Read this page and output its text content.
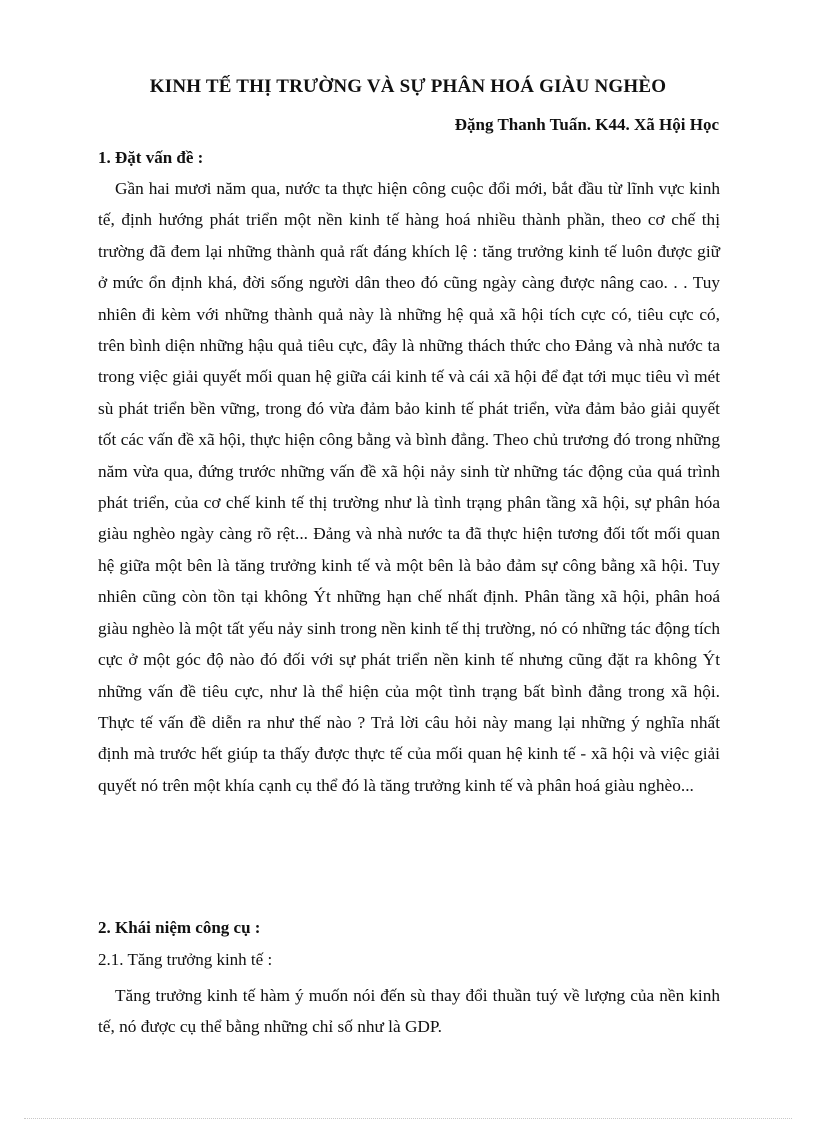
KINH TẾ THỊ TRƯỜNG VÀ SỰ PHÂN HOÁ GIÀU NGHÈO

Đặng Thanh Tuấn. K44. Xã Hội Học

1. Đặt vấn đề :

Gần hai mươi năm qua, nước ta thực hiện công cuộc đổi mới, bắt đầu từ lĩnh vực kinh tế, định hướng phát triển một nền kinh tế hàng hoá nhiều thành phần, theo cơ chế thị trường đã đem lại những thành quả rất đáng khích lệ : tăng trưởng kinh tế luôn được giữ ở mức ổn định khá, đời sống người dân theo đó cũng ngày càng được nâng cao. . . Tuy nhiên đi kèm với những thành quả này là những hệ quả xã hội tích cực có, tiêu cực có, trên bình diện những hậu quả tiêu cực, đây là những thách thức cho Đảng và nhà nước ta trong việc giải quyết mối quan hệ giữa cái kinh tế và cái xã hội để đạt tới mục tiêu vì mét sù phát triển bền vững, trong đó vừa đảm bảo kinh tế phát triển, vừa đảm bảo giải quyết tốt các vấn đề xã hội, thực hiện công bằng và bình đẳng. Theo chủ trương đó trong những năm vừa qua, đứng trước những vấn đề xã hội nảy sinh từ những tác động của quá trình phát triển, của cơ chế kinh tế thị trường như là tình trạng phân tầng xã hội, sự phân hóa giàu nghèo ngày càng rõ rệt... Đảng và nhà nước ta đã thực hiện tương đối tốt mối quan hệ giữa một bên là tăng trưởng kinh tế và một bên là bảo đảm sự công bằng xã hội. Tuy nhiên cũng còn tồn tại không Ýt những hạn chế nhất định. Phân tầng xã hội, phân hoá giàu nghèo là một tất yếu nảy sinh trong nền kinh tế thị trường, nó có những tác động tích cực ở một góc độ nào đó đối với sự phát triển nền kinh tế nhưng cũng đặt ra không Ýt những vấn đề tiêu cực, như là thể hiện của một tình trạng bất bình đẳng trong xã hội. Thực tế vấn đề diễn ra như thế nào ? Trả lời câu hỏi này mang lại những ý nghĩa nhất định mà trước hết giúp ta thấy được thực tế của mối quan hệ kinh tế - xã hội và việc giải quyết nó trên một khía cạnh cụ thể đó là tăng trưởng kinh tế và phân hoá giàu nghèo...

2. Khái niệm công cụ :

2.1. Tăng trưởng kinh tế :

Tăng trưởng kinh tế hàm ý muốn nói đến sù thay đổi thuần tuý về lượng của nền kinh tế, nó được cụ thể bằng những chỉ số như là GDP.
